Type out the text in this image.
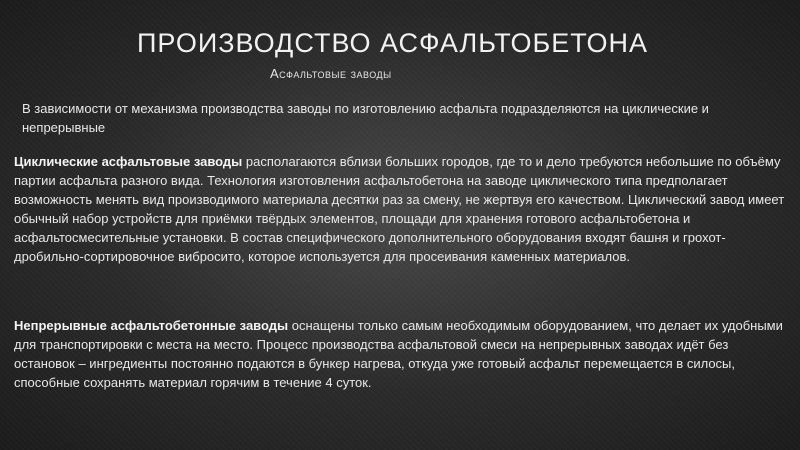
ПРОИЗВОДСТВО АСФАЛЬТОБЕТОНА

Асфальтовые заводы

В зависимости от механизма производства заводы по изготовлению асфальта подразделяются на циклические и непрерывные

Циклические асфальтовые заводы располагаются вблизи больших городов, где то и дело требуются небольшие по объёму партии асфальта разного вида. Технология изготовления асфальтобетона на заводе циклического типа предполагает возможность менять вид производимого материала десятки раз за смену, не жертвуя его качеством. Циклический завод имеет обычный набор устройств для приёмки твёрдых элементов, площади для хранения готового асфальтобетона и асфальтосмесительные установки. В состав специфического дополнительного оборудования входят башня и грохот- дробильно-сортировочное вибросито, которое используется для просеивания каменных материалов.

Непрерывные асфальтобетонные заводы оснащены только самым необходимым оборудованием, что делает их удобными для транспортировки с места на место. Процесс производства асфальтовой смеси на непрерывных заводах идёт без остановок – ингредиенты постоянно подаются в бункер нагрева, откуда уже готовый асфальт перемещается в силосы, способные сохранять материал горячим в течение 4 суток.
